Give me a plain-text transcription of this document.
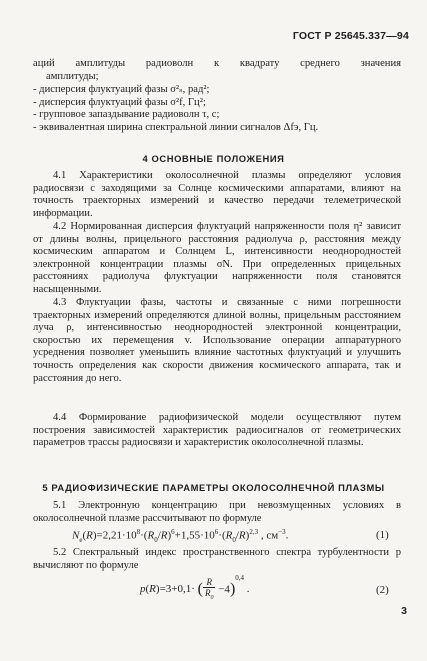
ГОСТ Р 25645.337—94
аций амплитуды радиоволн к квадрату среднего значения
амплитуды;
- дисперсия флуктуаций фазы σ²ₛ, рад²;
- дисперсия флуктуаций фазы σ²f, Гц²;
- групповое запаздывание радиоволн τ, с;
- эквивалентная ширина спектральной линии сигналов Δfэ, Гц.
4 ОСНОВНЫЕ ПОЛОЖЕНИЯ
4.1 Характеристики околосолнечной плазмы определяют условия радиосвязи с заходящими за Солнце космическими аппаратами, влияют на точность траекторных измерений и качество передачи телеметрической информации.
4.2 Нормированная дисперсия флуктуаций напряженности поля η² зависит от длины волны, прицельного расстояния радиолуча ρ, расстояния между космическим аппаратом и Солнцем L, интенсивности неоднородностей электронной концентрации плазмы σN. При определенных прицельных расстояниях радиолуча флуктуации напряженности поля становятся насыщенными.
4.3 Флуктуации фазы, частоты и связанные с ними погрешности траекторных измерений определяются длиной волны, прицельным расстоянием луча ρ, интенсивностью неоднородностей электронной концентрации, скоростью их перемещения v. Использование операции аппаратурного усреднения позволяет уменьшить влияние частотных флуктуаций и улучшить точность определения как скорости движения космического аппарата, так и расстояния до него.
4.4 Формирование радиофизической модели осуществляют путем построения зависимостей характеристик радиосигналов от геометрических параметров трассы радиосвязи и характеристик околосолнечной плазмы.
5 РАДИОФИЗИЧЕСКИЕ ПАРАМЕТРЫ ОКОЛОСОЛНЕЧНОЙ ПЛАЗМЫ
5.1 Электронную концентрацию при невозмущенных условиях в околосолнечной плазме рассчитывают по формуле
$N_e(R)=2,21\cdot 10^8\cdot(R_0/R)^6+1,55\cdot 10^6\cdot(R_0/R)^{2,3}$ , $см^{-3}$.	(1)
5.2 Спектральный индекс пространственного спектра турбулентности p вычисляют по формуле
p(R)=3+0,1· ( $\frac{R}{R_0} -4)^{0,4}$ .	(2)
3
